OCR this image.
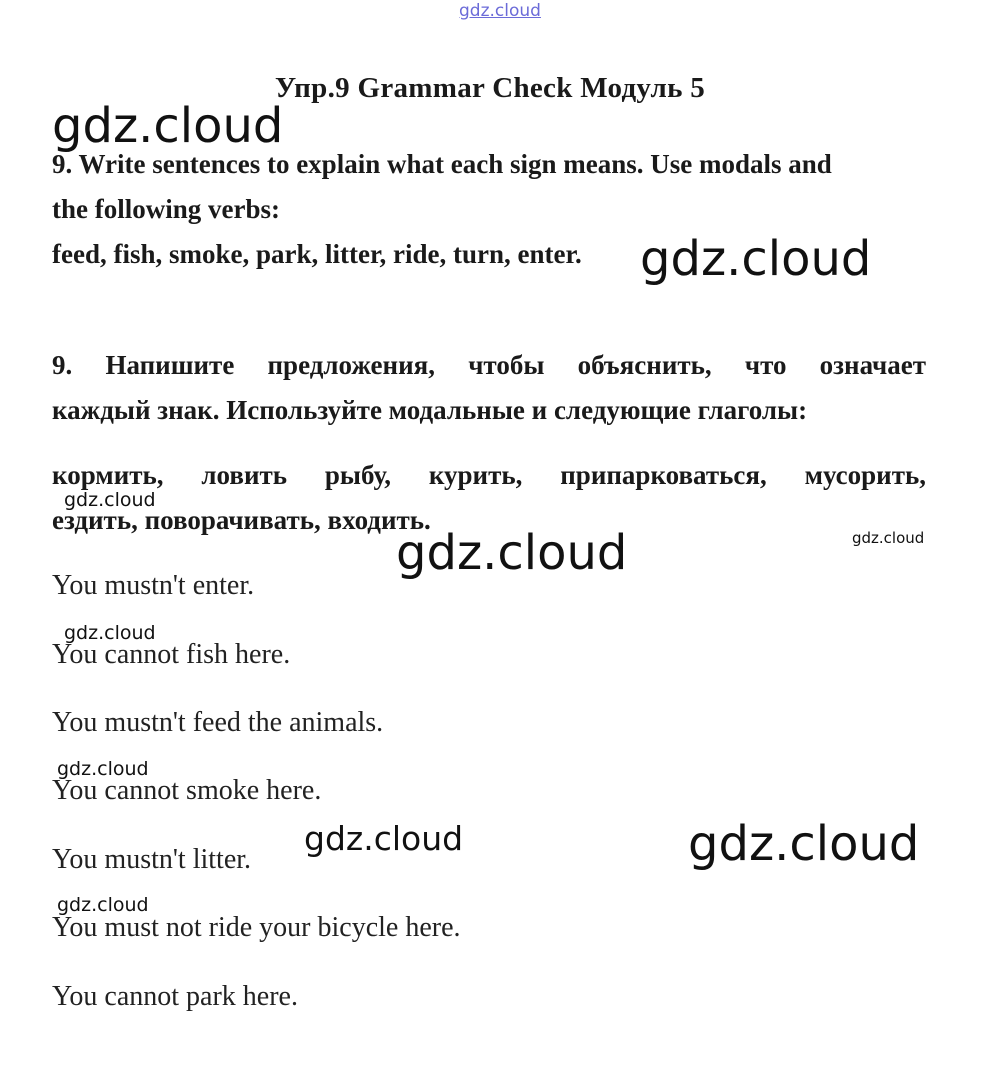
gdz.cloud
Упр.9 Grammar Check Модуль 5
9. Write sentences to explain what each sign means. Use modals and
the following verbs:
feed, fish, smoke, park, litter, ride, turn, enter.
9. Напишите предложения, чтобы объяснить, что означает
каждый знак. Используйте модальные и следующие глаголы:
кормить, ловить рыбу, курить, припарковаться, мусорить,
ездить, поворачивать, входить.
You mustn't enter.
You cannot fish here.
You mustn't feed the animals.
You cannot smoke here.
You mustn't litter.
You must not ride your bicycle here.
You cannot park here.
gdz.cloud
gdz.cloud
gdz.cloud
gdz.cloud	gdz.cloud
gdz.cloud
gdz.cloud
gdz.cloud	gdz.cloud
gdz.cloud
